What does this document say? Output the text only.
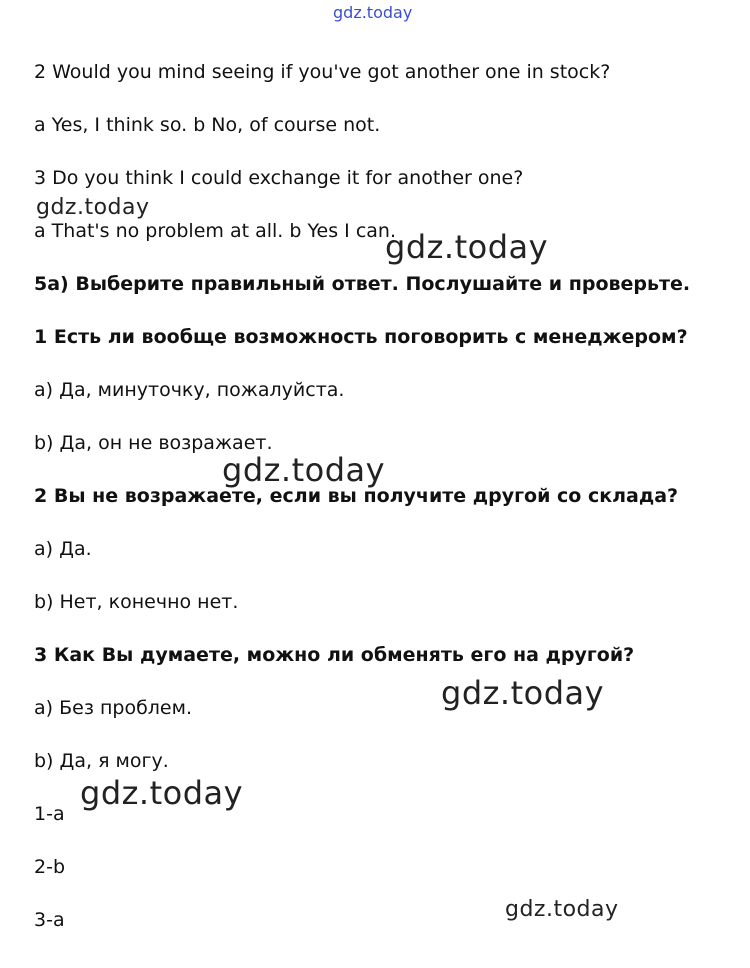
gdz.today
gdz.today
gdz.today
gdz.today
gdz.today
gdz.today
gdz.today

2 Would you mind seeing if you've got another one in stock?

a Yes, I think so. b No, of course not.

3 Do you think I could exchange it for another one?

a That's no problem at all. b Yes I can.

5a) Выберите правильный ответ. Послушайте и проверьте.

1 Есть ли вообще возможность поговорить с менеджером?

a) Да, минуточку, пожалуйста.

b) Да, он не возражает.

2 Вы не возражаете, если вы получите другой со склада?

a) Да.

b) Нет, конечно нет.

3 Как Вы думаете, можно ли обменять его на другой?

a) Без проблем.

b) Да, я могу.

1-a

2-b

3-a
